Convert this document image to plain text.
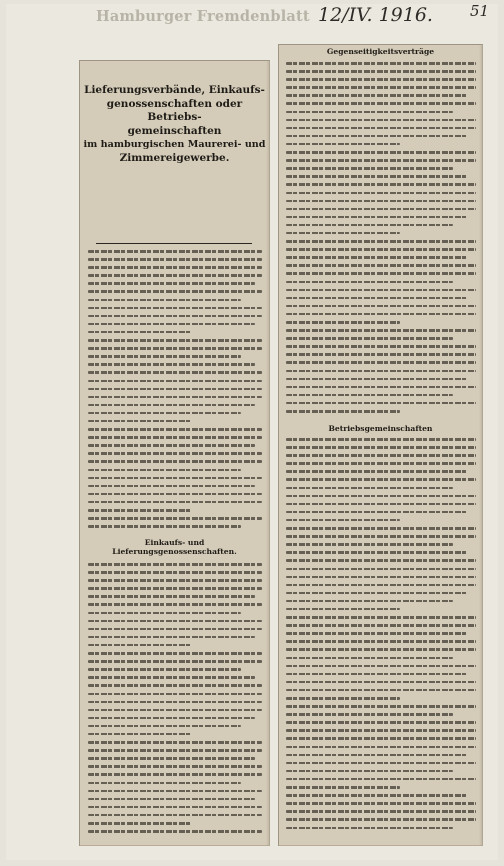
Hamburger Fremdenblatt 12/IV. 1916. 51
Lieferungsverbände, Einkaufs-
genossenschaften oder Betriebs-
gemeinschaften
im hamburgischen Maurerei- und
Zimmereigewerbe.
Einkaufs- und
Lieferungsgenossenschaften.
Gegenseitigkeitsverträge
Betriebsgemeinschaften
